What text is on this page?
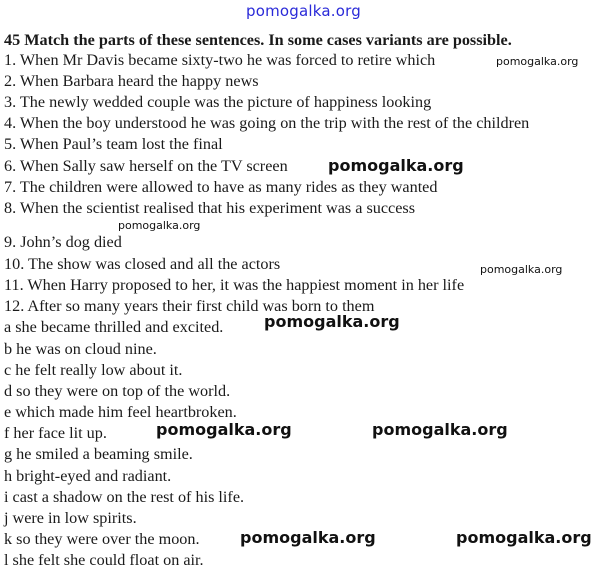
pomogalka.org
45 Match the parts of these sentences. In some cases variants are possible.
1. When Mr Davis became sixty-two he was forced to retire which
2. When Barbara heard the happy news
3. The newly wedded couple was the picture of happiness looking
4. When the boy understood he was going on the trip with the rest of the children
5. When Paul’s team lost the final
6. When Sally saw herself on the TV screen
7. The children were allowed to have as many rides as they wanted
8. When the scientist realised that his experiment was a success
9. John’s dog died
10. The show was closed and all the actors
11. When Harry proposed to her, it was the happiest moment in her life
12. After so many years their first child was born to them
a she became thrilled and excited.
b he was on cloud nine.
c he felt really low about it.
d so they were on top of the world.
e which made him feel heartbroken.
f her face lit up.
g he smiled a beaming smile.
h bright-eyed and radiant.
i cast a shadow on the rest of his life.
j were in low spirits.
k so they were over the moon.
l she felt she could float on air.
pomogalka.org
pomogalka.org
pomogalka.org
pomogalka.org
pomogalka.org
pomogalka.org	pomogalka.org
pomogalka.org	pomogalka.org
